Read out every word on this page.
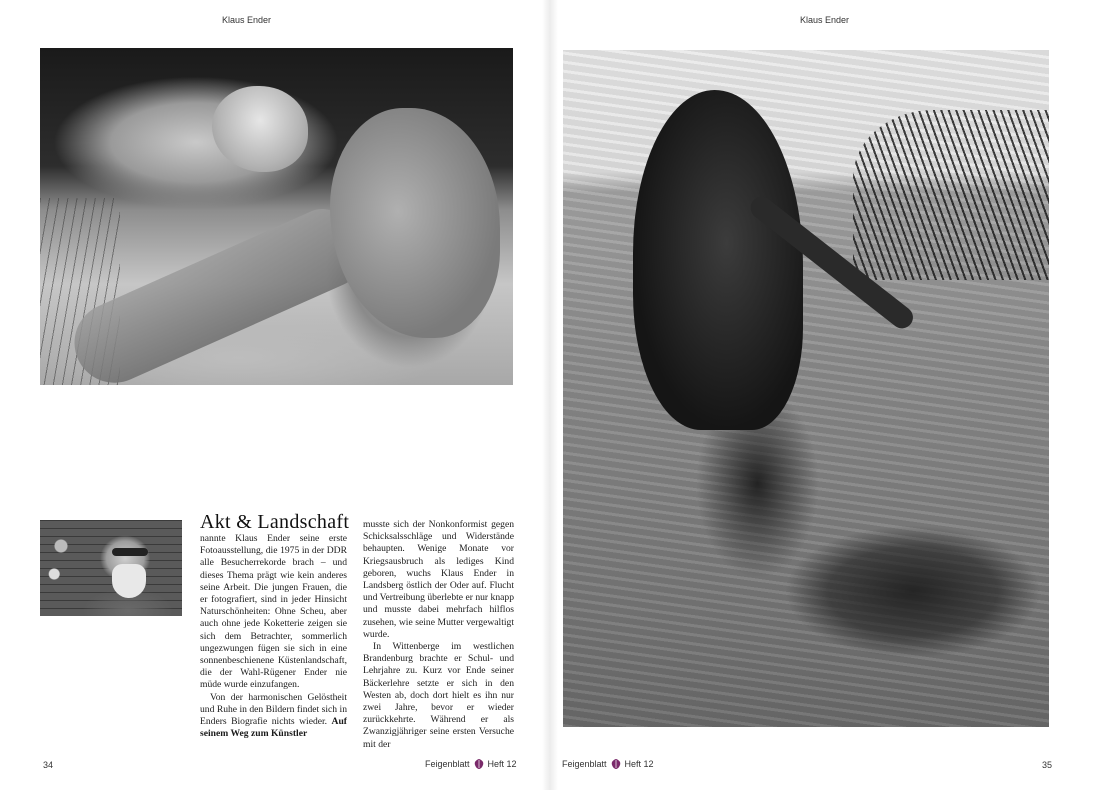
Klaus Ender
Akt & Landschaft

nannte Klaus Ender seine erste Fotoausstellung, die 1975 in der DDR alle Besucherrekorde brach – und dieses Thema prägt wie kein anderes seine Arbeit. Die jungen Frauen, die er fotografiert, sind in jeder Hinsicht Naturschönheiten: Ohne Scheu, aber auch ohne jede Koketterie zeigen sie sich dem Betrachter, sommerlich ungezwungen fügen sie sich in eine sonnenbeschienene Küstenlandschaft, die der Wahl-Rügener Ender nie müde wurde einzufangen.

Von der harmonischen Gelöstheit und Ruhe in den Bildern findet sich in Enders Biografie nichts wieder. Auf seinem Weg zum Künstler

musste sich der Nonkonformist gegen Schicksalsschläge und Widerstände behaupten. Wenige Monate vor Kriegsausbruch als lediges Kind geboren, wuchs Klaus Ender in Landsberg östlich der Oder auf. Flucht und Vertreibung überlebte er nur knapp und musste dabei mehrfach hilflos zusehen, wie seine Mutter vergewaltigt wurde.

In Wittenberge im westlichen Brandenburg brachte er Schul- und Lehrjahre zu. Kurz vor Ende seiner Bäckerlehre setzte er sich in den Westen ab, doch dort hielt es ihn nur zwei Jahre, bevor er wieder zurückkehrte. Während er als Zwanzigjähriger seine ersten Versuche mit der

34	Feigenblatt Heft 12
Klaus Ender
Feigenblatt Heft 12	35
